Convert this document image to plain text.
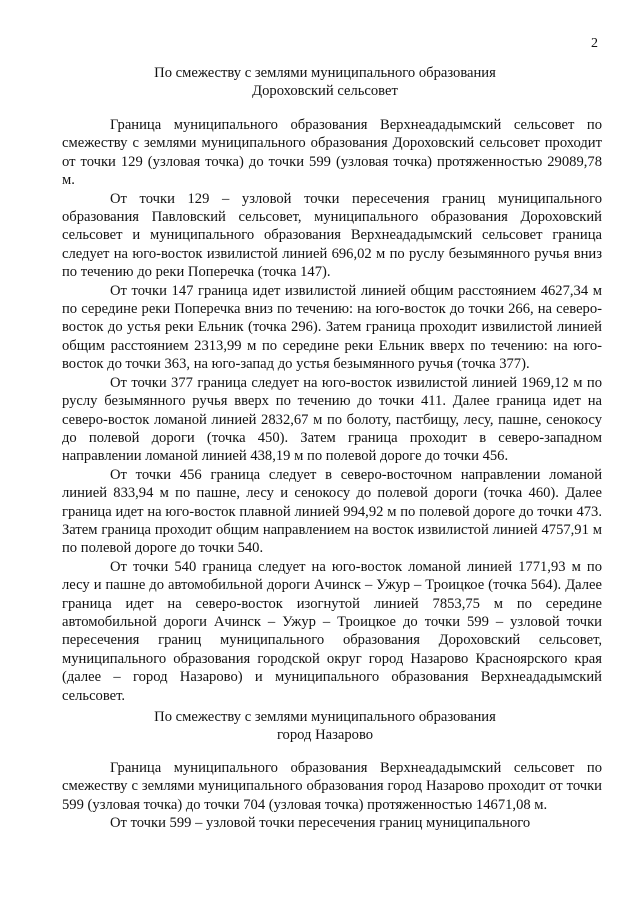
2
По смежеству с землями муниципального образования
Дороховский сельсовет

Граница муниципального образования Верхнеададымский сельсовет по смежеству с землями муниципального образования Дороховский сельсовет проходит от точки 129 (узловая точка) до точки 599 (узловая точка) протяженностью 29089,78 м.

От точки 129 – узловой точки пересечения границ муниципального образования Павловский сельсовет, муниципального образования Дороховский сельсовет и муниципального образования Верхнеададымский сельсовет граница следует на юго-восток извилистой линией 696,02 м по руслу безымянного ручья вниз по течению до реки Поперечка (точка 147).

От точки 147 граница идет извилистой линией общим расстоянием 4627,34 м по середине реки Поперечка вниз по течению: на юго-восток до точки 266, на северо-восток до устья реки Ельник (точка 296). Затем граница проходит извилистой линией общим расстоянием 2313,99 м по середине реки Ельник вверх по течению: на юго-восток до точки 363, на юго-запад до устья безымянного ручья (точка 377).

От точки 377 граница следует на юго-восток извилистой линией 1969,12 м по руслу безымянного ручья вверх по течению до точки 411. Далее граница идет на северо-восток ломаной линией 2832,67 м по болоту, пастбищу, лесу, пашне, сенокосу до полевой дороги (точка 450). Затем граница проходит в северо-западном направлении ломаной линией 438,19 м по полевой дороге до точки 456.

От точки 456 граница следует в северо-восточном направлении ломаной линией 833,94 м по пашне, лесу и сенокосу до полевой дороги (точка 460). Далее граница идет на юго-восток плавной линией 994,92 м по полевой дороге до точки 473. Затем граница проходит общим направлением на восток извилистой линией 4757,91 м по полевой дороге до точки 540.

От точки 540 граница следует на юго-восток ломаной линией 1771,93 м по лесу и пашне до автомобильной дороги Ачинск – Ужур – Троицкое (точка 564). Далее граница идет на северо-восток изогнутой линией 7853,75 м по середине автомобильной дороги Ачинск – Ужур – Троицкое до точки 599 – узловой точки пересечения границ муниципального образования Дороховский сельсовет, муниципального образования городской округ город Назарово Красноярского края (далее – город Назарово) и муниципального образования Верхнеададымский сельсовет.

По смежеству с землями муниципального образования
город Назарово

Граница муниципального образования Верхнеададымский сельсовет по смежеству с землями муниципального образования город Назарово проходит от точки 599 (узловая точка) до точки 704 (узловая точка) протяженностью 14671,08 м.

От точки 599 – узловой точки пересечения границ муниципального
